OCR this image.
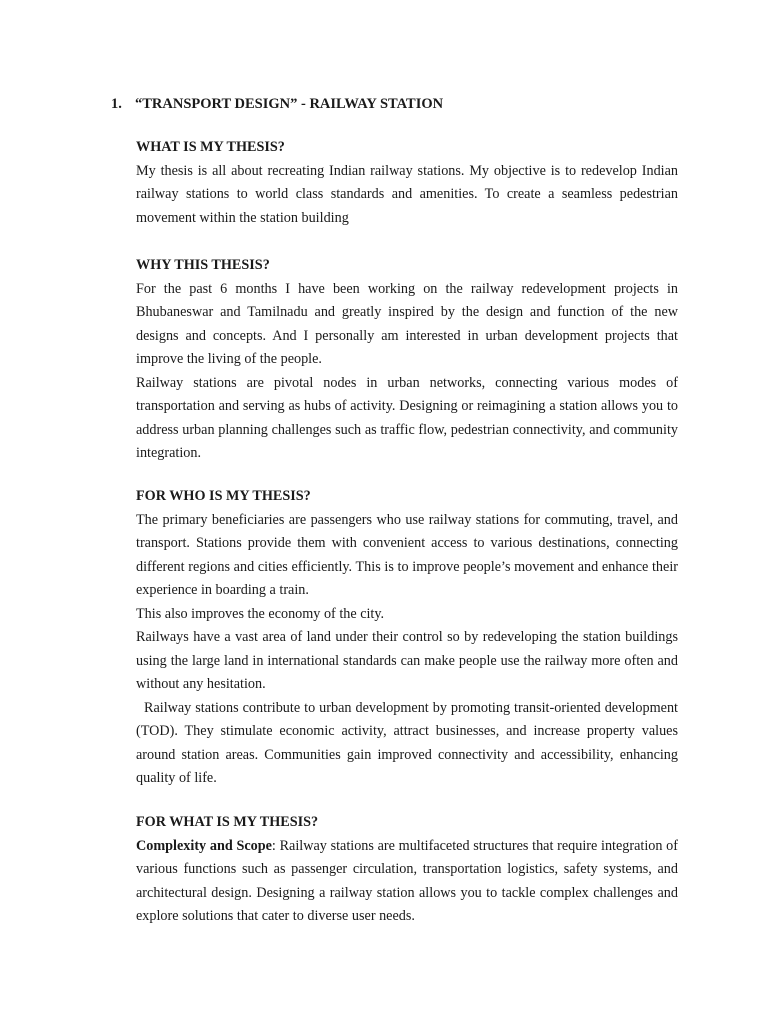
1. “TRANSPORT DESIGN” - RAILWAY STATION
WHAT IS MY THESIS?

My thesis is all about recreating Indian railway stations. My objective is to redevelop Indian railway stations to world class standards and amenities. To create a seamless pedestrian movement within the station building

WHY THIS THESIS?

For the past 6 months I have been working on the railway redevelopment projects in Bhubaneswar and Tamilnadu and greatly inspired by the design and function of the new designs and concepts. And I personally am interested in urban development projects that improve the living of the people.

Railway stations are pivotal nodes in urban networks, connecting various modes of transportation and serving as hubs of activity. Designing or reimagining a station allows you to address urban planning challenges such as traffic flow, pedestrian connectivity, and community integration.

FOR WHO IS MY THESIS?

The primary beneficiaries are passengers who use railway stations for commuting, travel, and transport. Stations provide them with convenient access to various destinations, connecting different regions and cities efficiently. This is to improve people’s movement and enhance their experience in boarding a train.

This also improves the economy of the city.

Railways have a vast area of land under their control so by redeveloping the station buildings using the large land in international standards can make people use the railway more often and without any hesitation.

Railway stations contribute to urban development by promoting transit-oriented development (TOD). They stimulate economic activity, attract businesses, and increase property values around station areas. Communities gain improved connectivity and accessibility, enhancing quality of life.

FOR WHAT IS MY THESIS?

Complexity and Scope: Railway stations are multifaceted structures that require integration of various functions such as passenger circulation, transportation logistics, safety systems, and architectural design. Designing a railway station allows you to tackle complex challenges and explore solutions that cater to diverse user needs.
